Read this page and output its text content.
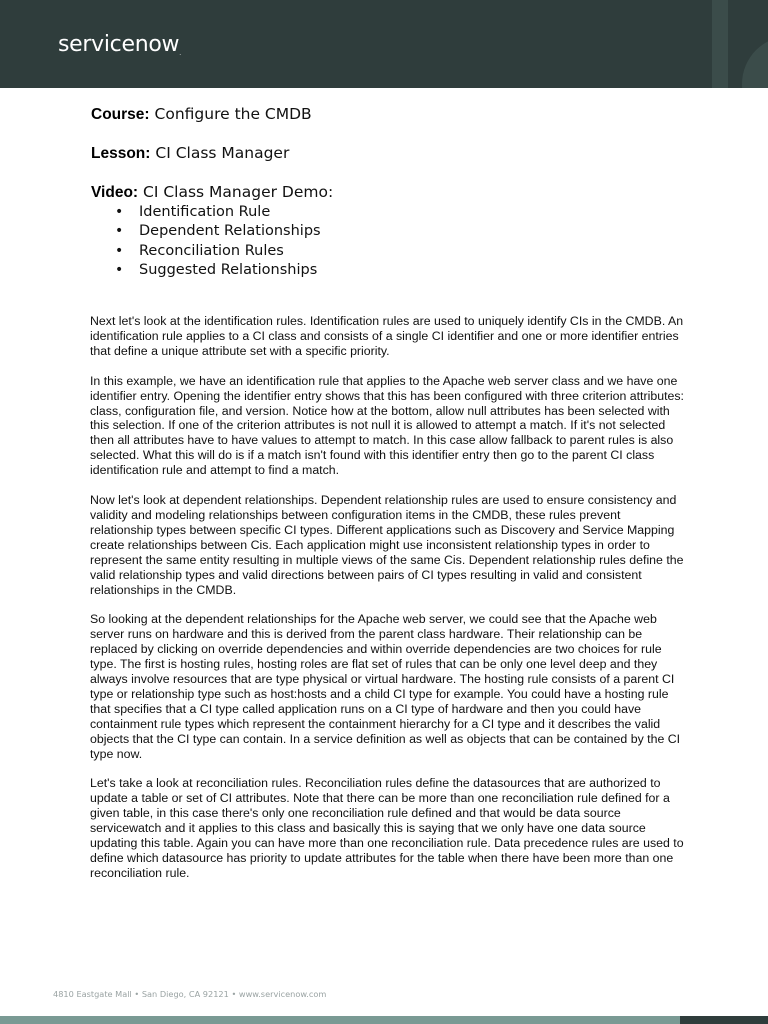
servicenow.
Course: Configure the CMDB
Lesson: CI Class Manager
Video: CI Class Manager Demo:
• Identification Rule
• Dependent Relationships
• Reconciliation Rules
• Suggested Relationships

Next let's look at the identification rules. Identification rules are used to uniquely identify CIs in the CMDB. An identification rule applies to a CI class and consists of a single CI identifier and one or more identifier entries that define a unique attribute set with a specific priority.

In this example, we have an identification rule that applies to the Apache web server class and we have one identifier entry. Opening the identifier entry shows that this has been configured with three criterion attributes: class, configuration file, and version. Notice how at the bottom, allow null attributes has been selected with this selection. If one of the criterion attributes is not null it is allowed to attempt a match. If it's not selected then all attributes have to have values to attempt to match. In this case allow fallback to parent rules is also selected. What this will do is if a match isn't found with this identifier entry then go to the parent CI class identification rule and attempt to find a match.

Now let's look at dependent relationships. Dependent relationship rules are used to ensure consistency and validity and modeling relationships between configuration items in the CMDB, these rules prevent relationship types between specific CI types. Different applications such as Discovery and Service Mapping create relationships between Cis. Each application might use inconsistent relationship types in order to represent the same entity resulting in multiple views of the same Cis. Dependent relationship rules define the valid relationship types and valid directions between pairs of CI types resulting in valid and consistent relationships in the CMDB.

So looking at the dependent relationships for the Apache web server, we could see that the Apache web server runs on hardware and this is derived from the parent class hardware. Their relationship can be replaced by clicking on override dependencies and within override dependencies are two choices for rule type. The first is hosting rules, hosting roles are flat set of rules that can be only one level deep and they always involve resources that are type physical or virtual hardware. The hosting rule consists of a parent CI type or relationship type such as host:hosts and a child CI type for example. You could have a hosting rule that specifies that a CI type called application runs on a CI type of hardware and then you could have containment rule types which represent the containment hierarchy for a CI type and it describes the valid objects that the CI type can contain. In a service definition as well as objects that can be contained by the CI type now.

Let's take a look at reconciliation rules. Reconciliation rules define the datasources that are authorized to update a table or set of CI attributes. Note that there can be more than one reconciliation rule defined for a given table, in this case there's only one reconciliation rule defined and that would be data source servicewatch and it applies to this class and basically this is saying that we only have one data source updating this table. Again you can have more than one reconciliation rule. Data precedence rules are used to define which datasource has priority to update attributes for the table when there have been more than one reconciliation rule.

4810 Eastgate Mall • San Diego, CA 92121 • www.servicenow.com
